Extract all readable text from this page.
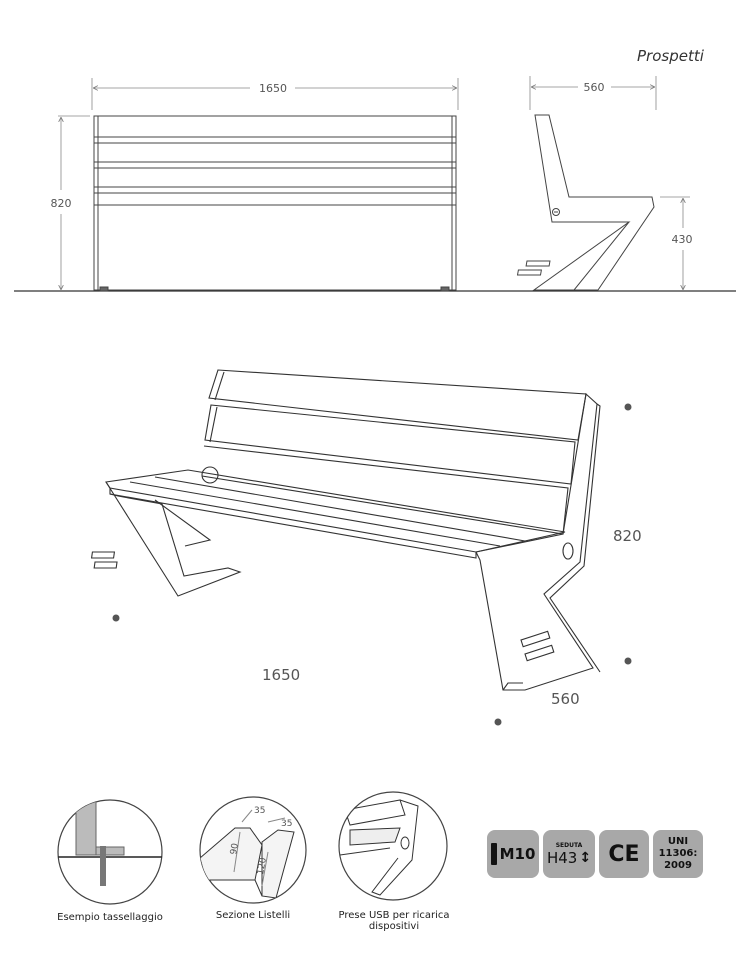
Prospetti
1650
820
560
430
820
1650
560
35
35
90
120
Esempio tassellaggio	Sezione Listelli	Prese USB per ricarica dispositivi
M10	SEDUTA
H43 ↕ CE	UNI
11306:
2009
